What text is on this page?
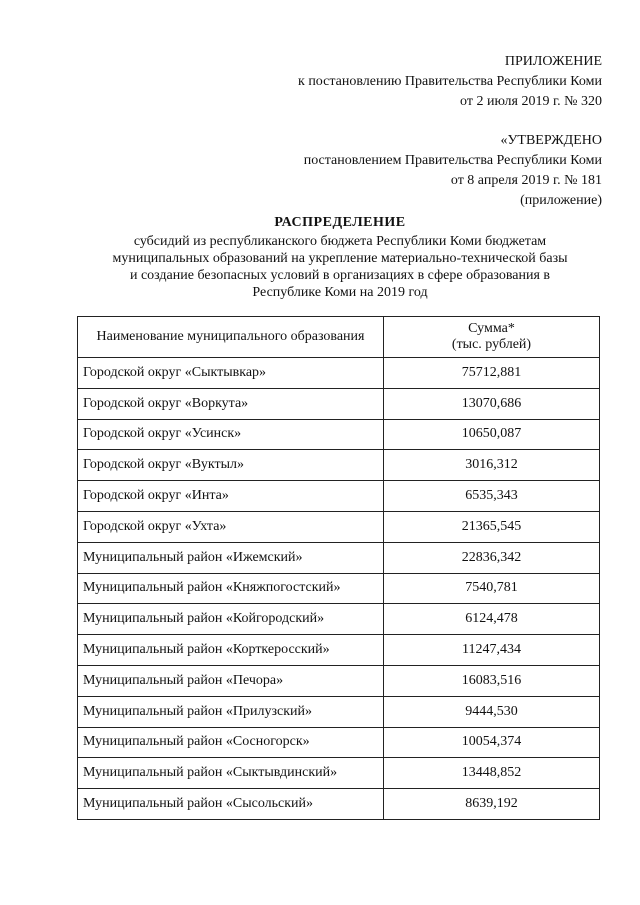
ПРИЛОЖЕНИЕ
к постановлению Правительства Республики Коми
от 2 июля 2019 г. № 320
«УТВЕРЖДЕНО
постановлением Правительства Республики Коми
от 8 апреля 2019 г. № 181
(приложение)
РАСПРЕДЕЛЕНИЕ
субсидий из республиканского бюджета Республики Коми бюджетам
муниципальных образований на укрепление материально-технической базы
и создание безопасных условий в организациях в сфере образования в
Республике Коми на 2019 год
Наименование муниципального образования	Сумма*
(тыс. рублей)

Городской округ «Сыктывкар»	75712,881
Городской округ «Воркута»	13070,686
Городской округ «Усинск»	10650,087
Городской округ «Вуктыл»	3016,312
Городской округ «Инта»	6535,343
Городской округ «Ухта»	21365,545
Муниципальный район «Ижемский»	22836,342
Муниципальный район «Княжпогостский»	7540,781
Муниципальный район «Койгородский»	6124,478
Муниципальный район «Корткеросский»	11247,434
Муниципальный район «Печора»	16083,516
Муниципальный район «Прилузский»	9444,530
Муниципальный район «Сосногорск»	10054,374
Муниципальный район «Сыктывдинский»	13448,852
Муниципальный район «Сысольский»	8639,192
